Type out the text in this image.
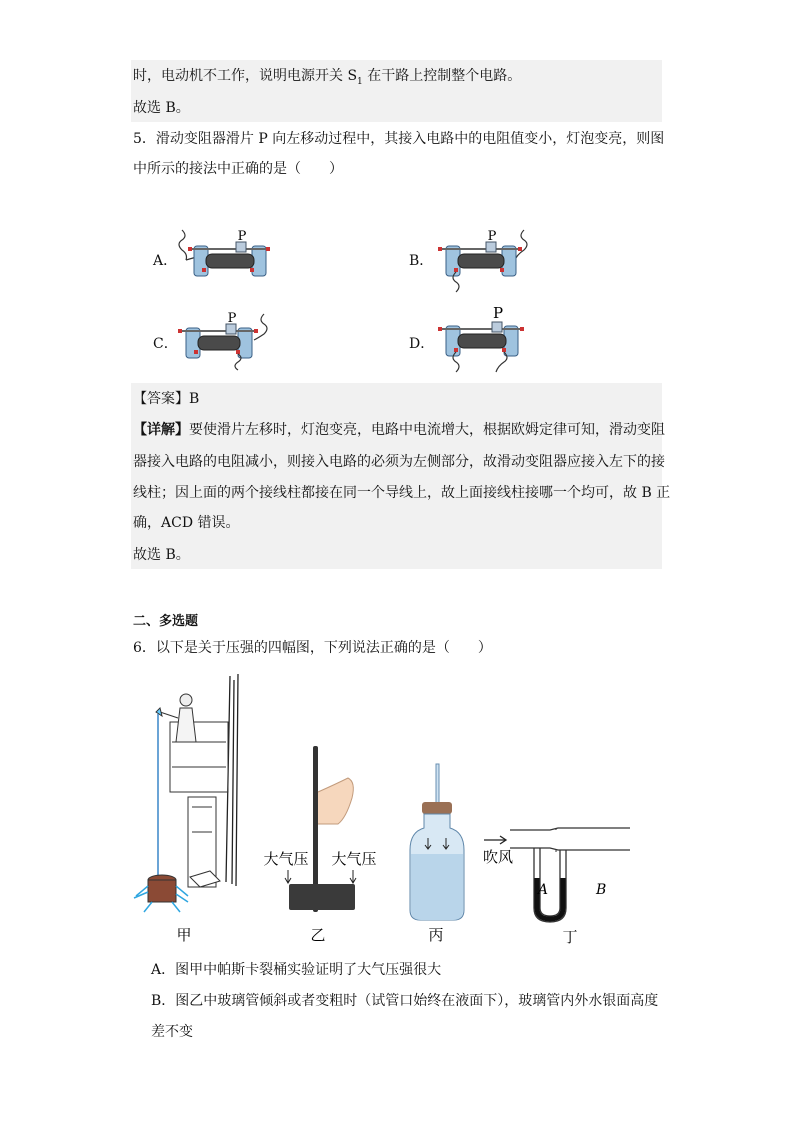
时，电动机不工作，说明电源开关 $S_1$ 在干路上控制整个电路。
故选 B。
5．滑动变阻器滑片 P 向左移动过程中，其接入电路中的电阻值变小，灯泡变亮，则图
中所示的接法中正确的是（　　）
A．	B．
C．	D．
P	P
P	P
【答案】B
【详解】要使滑片左移时，灯泡变亮，电路中电流增大，根据欧姆定律可知，滑动变阻
器接入电路的电阻减小，则接入电路的必须为左侧部分，故滑动变阻器应接入左下的接
线柱；因上面的两个接线柱都接在同一个导线上，故上面接线柱接哪一个均可，故 B 正
确，ACD 错误。
故选 B。
二、多选题
6．以下是关于压强的四幅图，下列说法正确的是（　　）
甲
大气压 大气压
乙	丙
吹风
A	B
丁
A．图甲中帕斯卡裂桶实验证明了大气压强很大
B．图乙中玻璃管倾斜或者变粗时（试管口始终在液面下），玻璃管内外水银面高度
差不变
